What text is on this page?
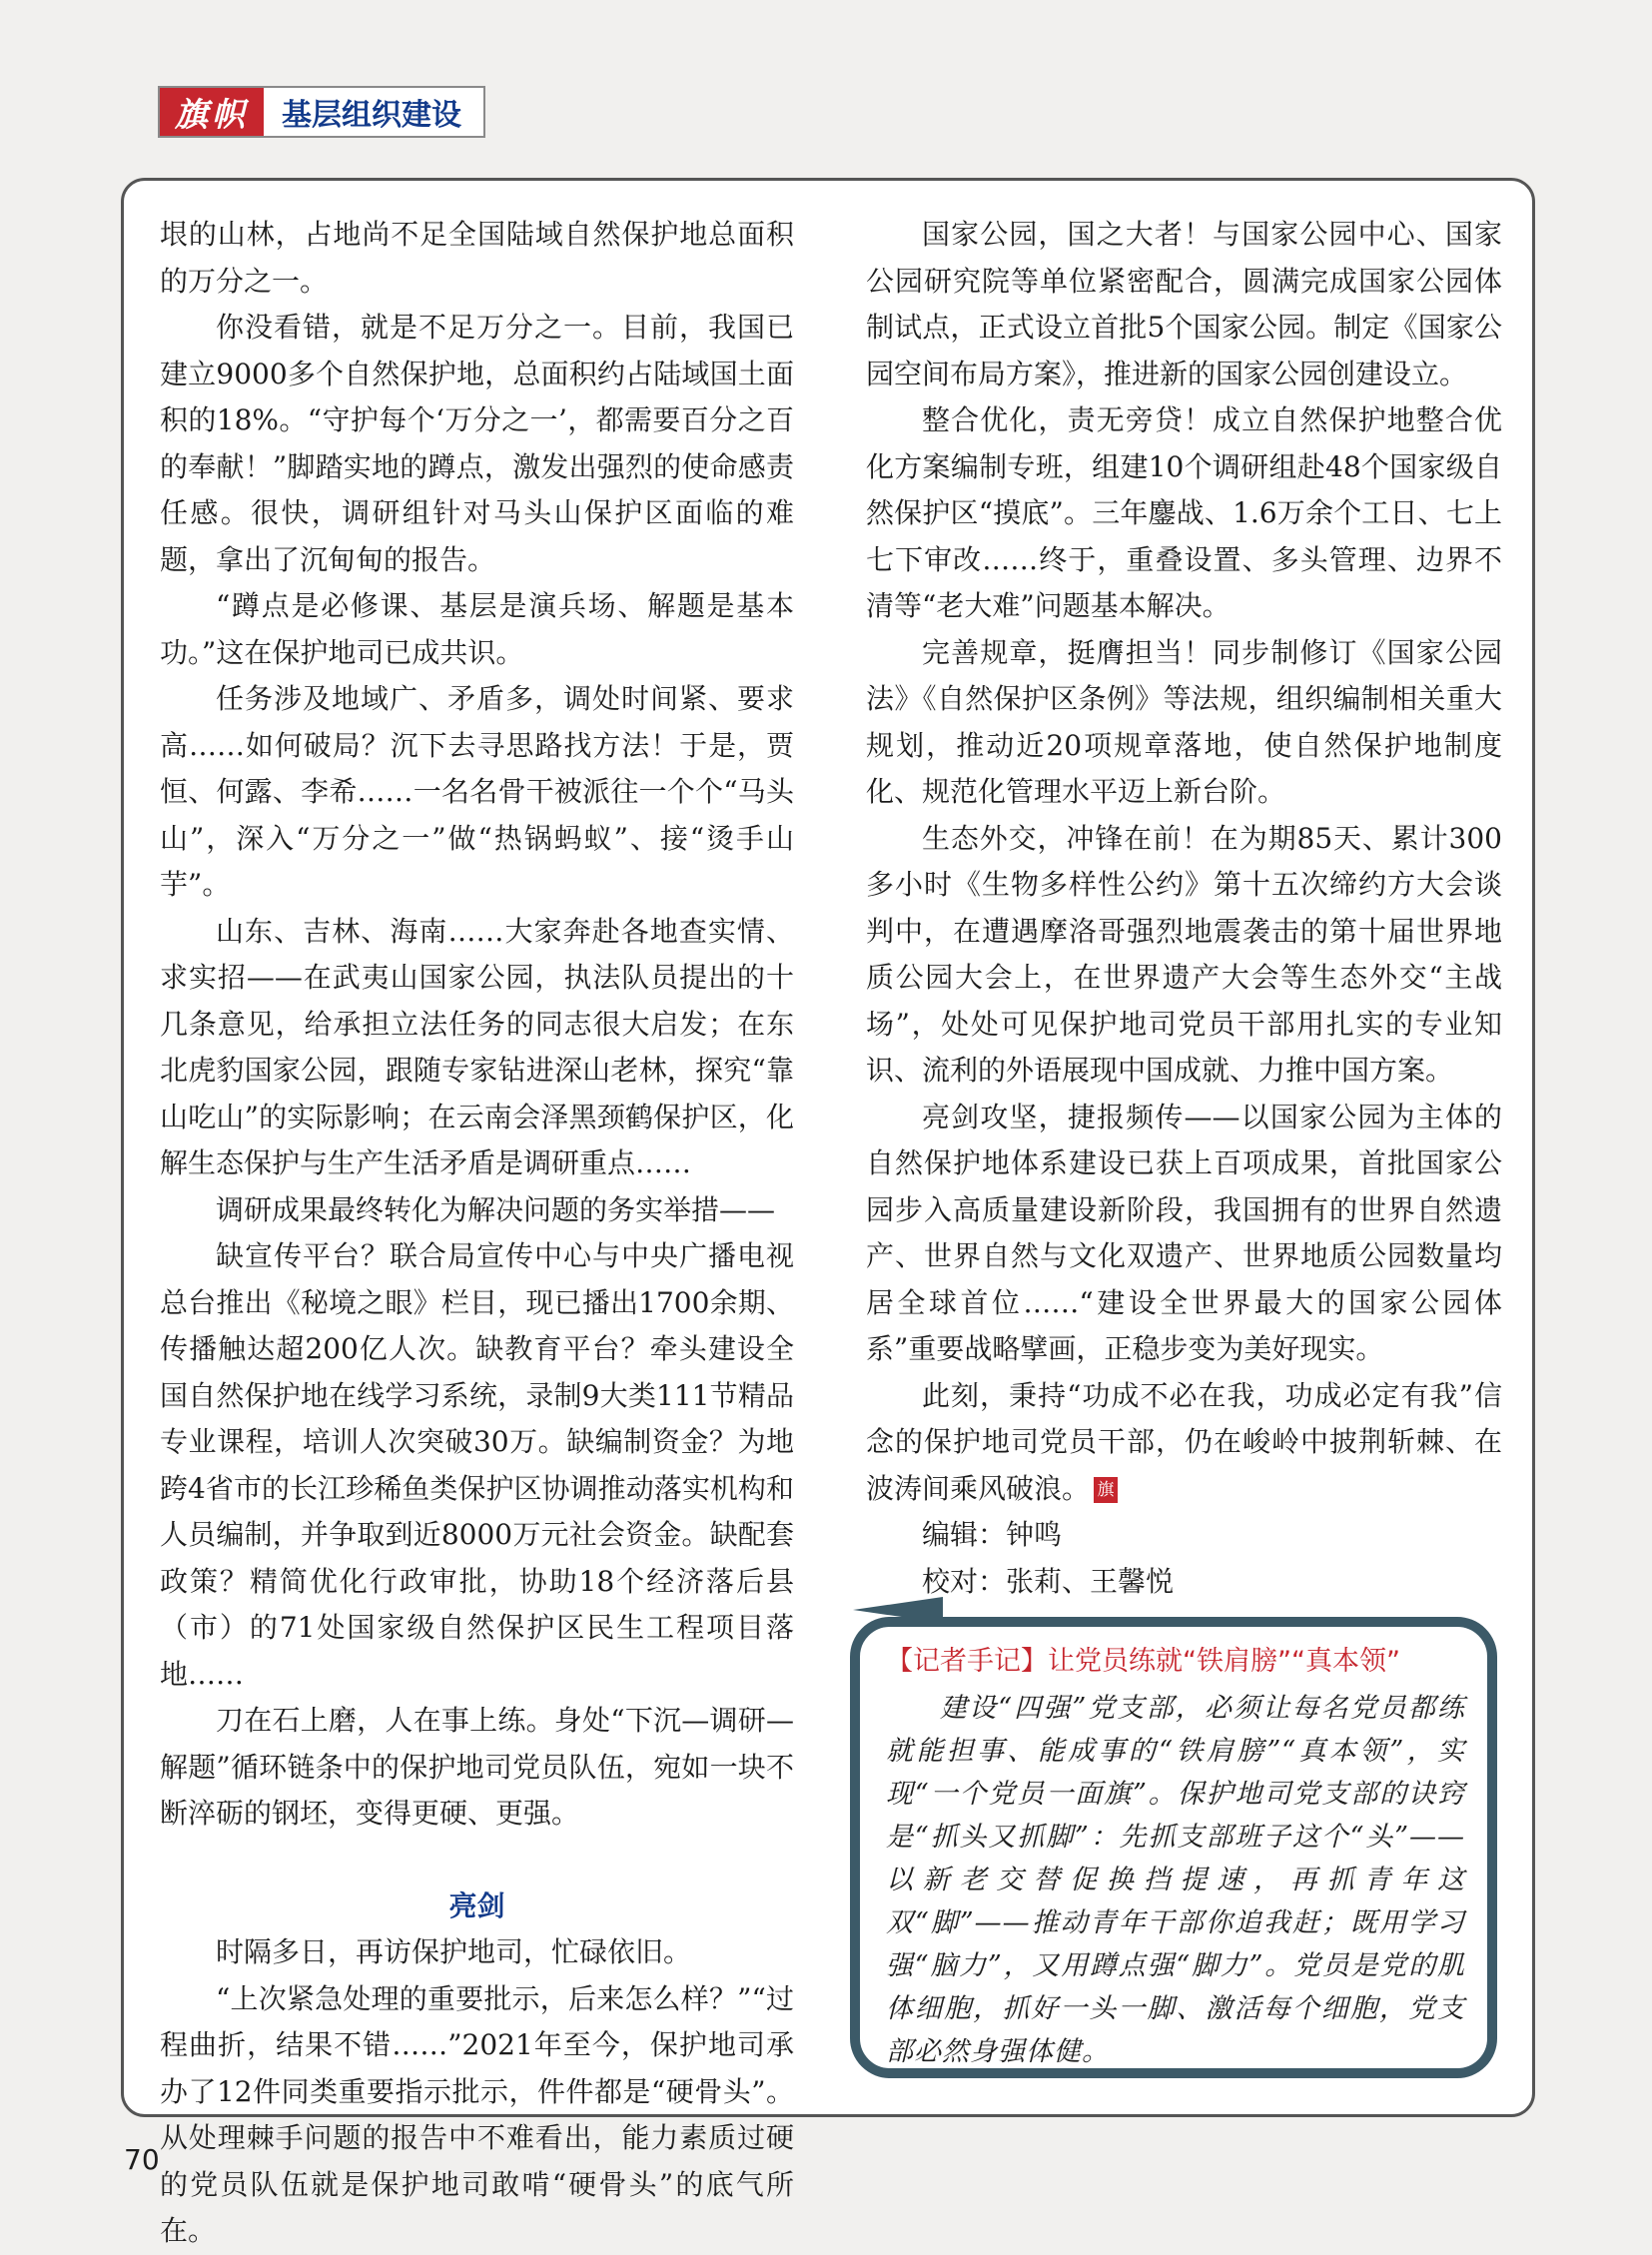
旗帜	基层组织建设

垠的山林，占地尚不足全国陆域自然保护地总面积的万分之一。

你没看错，就是不足万分之一。目前，我国已建立9000多个自然保护地，总面积约占陆域国土面积的18%。“守护每个‘万分之一’，都需要百分之百的奉献！”脚踏实地的蹲点，激发出强烈的使命感责任感。很快，调研组针对马头山保护区面临的难题，拿出了沉甸甸的报告。

“蹲点是必修课、基层是演兵场、解题是基本功。”这在保护地司已成共识。

任务涉及地域广、矛盾多，调处时间紧、要求高……如何破局？沉下去寻思路找方法！于是，贾恒、何露、李希……一名名骨干被派往一个个“马头山”，深入“万分之一”做“热锅蚂蚁”、接“烫手山芋”。

山东、吉林、海南……大家奔赴各地查实情、求实招——在武夷山国家公园，执法队员提出的十几条意见，给承担立法任务的同志很大启发；在东北虎豹国家公园，跟随专家钻进深山老林，探究“靠山吃山”的实际影响；在云南会泽黑颈鹤保护区，化解生态保护与生产生活矛盾是调研重点……

调研成果最终转化为解决问题的务实举措——

缺宣传平台？联合局宣传中心与中央广播电视总台推出《秘境之眼》栏目，现已播出1700余期、传播触达超200亿人次。缺教育平台？牵头建设全国自然保护地在线学习系统，录制9大类111节精品专业课程，培训人次突破30万。缺编制资金？为地跨4省市的长江珍稀鱼类保护区协调推动落实机构和人员编制，并争取到近8000万元社会资金。缺配套政策？精简优化行政审批，协助18个经济落后县（市）的71处国家级自然保护区民生工程项目落地……

刀在石上磨，人在事上练。身处“下沉—调研—解题”循环链条中的保护地司党员队伍，宛如一块不断淬砺的钢坯，变得更硬、更强。

亮剑

时隔多日，再访保护地司，忙碌依旧。

“上次紧急处理的重要批示，后来怎么样？”“过程曲折，结果不错……”2021年至今，保护地司承办了12件同类重要指示批示，件件都是“硬骨头”。从处理棘手问题的报告中不难看出，能力素质过硬的党员队伍就是保护地司敢啃“硬骨头”的底气所在。

国家公园，国之大者！与国家公园中心、国家公园研究院等单位紧密配合，圆满完成国家公园体制试点，正式设立首批5个国家公园。制定《国家公园空间布局方案》，推进新的国家公园创建设立。

整合优化，责无旁贷！成立自然保护地整合优化方案编制专班，组建10个调研组赴48个国家级自然保护区“摸底”。三年鏖战、1.6万余个工日、七上七下审改……终于，重叠设置、多头管理、边界不清等“老大难”问题基本解决。

完善规章，挺膺担当！同步制修订《国家公园法》《自然保护区条例》等法规，组织编制相关重大规划，推动近20项规章落地，使自然保护地制度化、规范化管理水平迈上新台阶。

生态外交，冲锋在前！在为期85天、累计300多小时《生物多样性公约》第十五次缔约方大会谈判中，在遭遇摩洛哥强烈地震袭击的第十届世界地质公园大会上，在世界遗产大会等生态外交“主战场”，处处可见保护地司党员干部用扎实的专业知识、流利的外语展现中国成就、力推中国方案。

亮剑攻坚，捷报频传——以国家公园为主体的自然保护地体系建设已获上百项成果，首批国家公园步入高质量建设新阶段，我国拥有的世界自然遗产、世界自然与文化双遗产、世界地质公园数量均居全球首位……“建设全世界最大的国家公园体系”重要战略擘画，正稳步变为美好现实。

此刻，秉持“功成不必在我，功成必定有我”信念的保护地司党员干部，仍在峻岭中披荆斩棘、在波涛间乘风破浪。 旗

编辑：钟鸣

校对：张莉、王馨悦

【记者手记】让党员练就“铁肩膀”“真本领”

建设“四强”党支部，必须让每名党员都练就能担事、能成事的“铁肩膀”“真本领”，实现“一个党员一面旗”。保护地司党支部的诀窍是“抓头又抓脚”：先抓支部班子这个“头”——以新老交替促换挡提速，再抓青年这双“脚”——推动青年干部你追我赶；既用学习强“脑力”，又用蹲点强“脚力”。党员是党的肌体细胞，抓好一头一脚、激活每个细胞，党支部必然身强体健。

70
